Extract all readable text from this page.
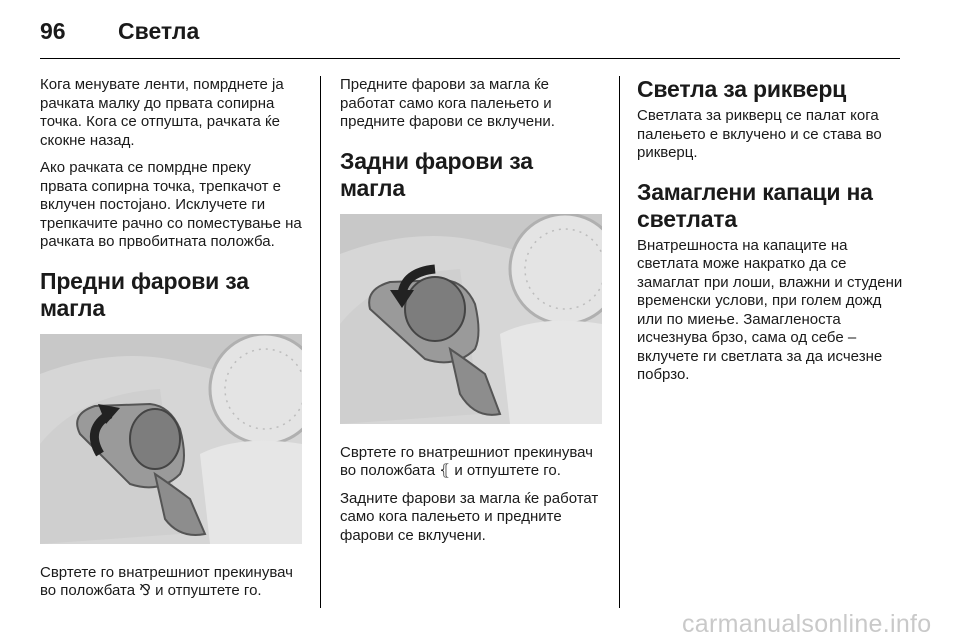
96	Светла

Кога менувате ленти, помрднете ја рачката малку до првата сопирна точка. Кога се отпушта, рачката ќе скокне назад.

Ако рачката се помрдне преку првата сопирна точка, трепкачот е вклучен постојано. Исклучете ги трепкачите рачно со поместување на рачката во првобитната положба.

Предни фарови за магла

Свртете го внатрешниот прекинувач во положбата ⅋ и отпуштете го.

Предните фарови за магла ќе работат само кога палењето и предните фарови се вклучени.

Задни фарови за магла

Свртете го внатрешниот прекинувач во положбата ⦃ и отпуштете го.

Задните фарови за магла ќе работат само кога палењето и предните фарови се вклучени.

Светла за рикверц

Светлата за рикверц се палат кога палењето е вклучено и се става во рикверц.

Замаглени капаци на светлата

Внатрешноста на капаците на светлата може накратко да се замаглат при лоши, влажни и студени временски услови, при голем дожд или по миење. Замагленоста исчезнува брзо, сама од себе – вклучете ги светлата за да исчезне побрзо.

carmanualsonline.info
